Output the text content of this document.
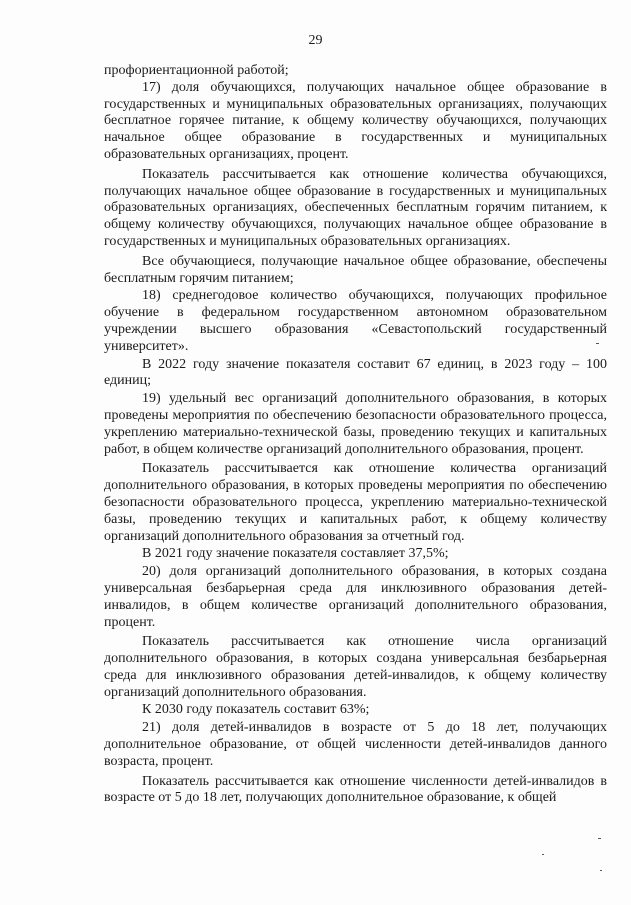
29

профориентационной работой;

17) доля обучающихся, получающих начальное общее образование в государственных и муниципальных образовательных организациях, получающих бесплатное горячее питание, к общему количеству обучающихся, получающих начальное общее образование в государственных и муниципальных образовательных организациях, процент.

Показатель рассчитывается как отношение количества обучающихся, получающих начальное общее образование в государственных и муниципальных образовательных организациях, обеспеченных бесплатным горячим питанием, к общему количеству обучающихся, получающих начальное общее образование в государственных и муниципальных образовательных организациях.

Все обучающиеся, получающие начальное общее образование, обеспечены бесплатным горячим питанием;

18) среднегодовое количество обучающихся, получающих профильное обучение в федеральном государственном автономном образовательном учреждении высшего образования «Севастопольский государственный университет».

В 2022 году значение показателя составит 67 единиц, в 2023 году – 100 единиц;

19) удельный вес организаций дополнительного образования, в которых проведены мероприятия по обеспечению безопасности образовательного процесса, укреплению материально-технической базы, проведению текущих и капитальных работ, в общем количестве организаций дополнительного образования, процент.

Показатель рассчитывается как отношение количества организаций дополнительного образования, в которых проведены мероприятия по обеспечению безопасности образовательного процесса, укреплению материально-технической базы, проведению текущих и капитальных работ, к общему количеству организаций дополнительного образования за отчетный год.

В 2021 году значение показателя составляет 37,5%;

20) доля организаций дополнительного образования, в которых создана универсальная безбарьерная среда для инклюзивного образования детей-инвалидов, в общем количестве организаций дополнительного образования, процент.

Показатель рассчитывается как отношение числа организаций дополнительного образования, в которых создана универсальная безбарьерная среда для инклюзивного образования детей-инвалидов, к общему количеству организаций дополнительного образования.

К 2030 году показатель составит 63%;

21) доля детей-инвалидов в возрасте от 5 до 18 лет, получающих дополнительное образование, от общей численности детей-инвалидов данного возраста, процент.

Показатель рассчитывается как отношение численности детей-инвалидов в возрасте от 5 до 18 лет, получающих дополнительное образование, к общей
